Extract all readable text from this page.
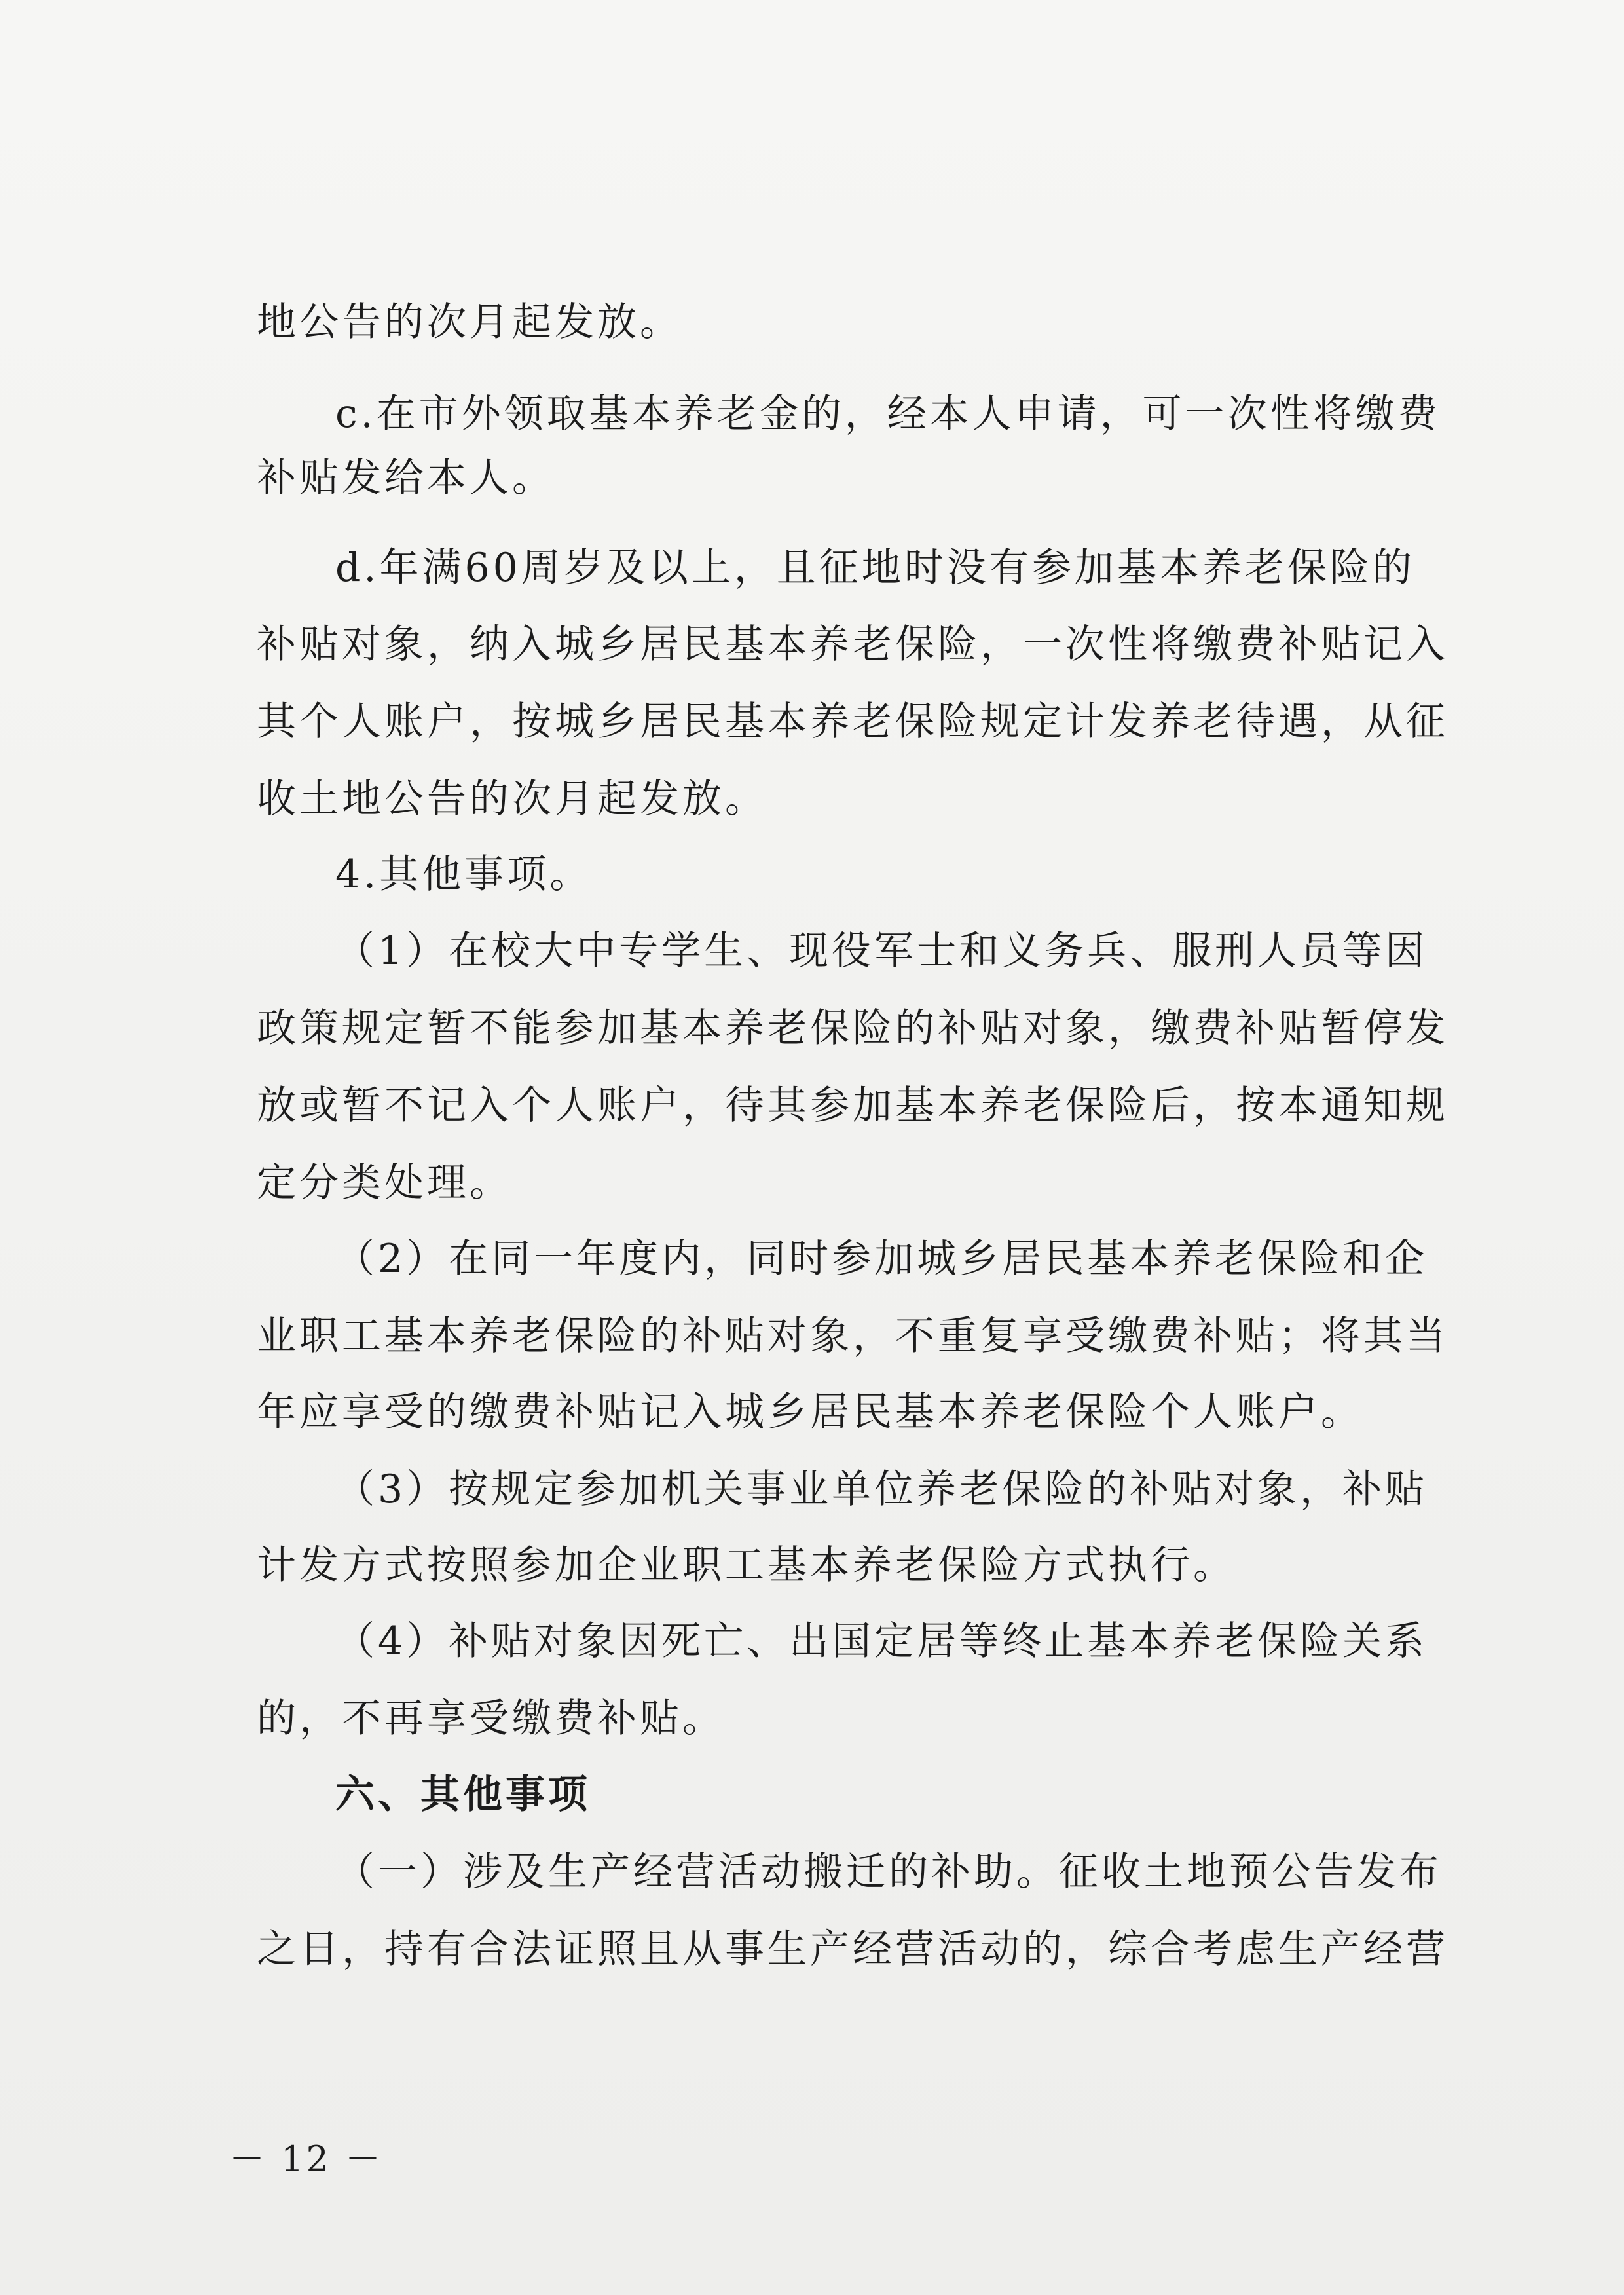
地公告的次月起发放。
c.在市外领取基本养老金的，经本人申请，可一次性将缴费
补贴发给本人。
d.年满60周岁及以上，且征地时没有参加基本养老保险的
补贴对象，纳入城乡居民基本养老保险，一次性将缴费补贴记入
其个人账户，按城乡居民基本养老保险规定计发养老待遇，从征
收土地公告的次月起发放。
4.其他事项。
（1）在校大中专学生、现役军士和义务兵、服刑人员等因
政策规定暂不能参加基本养老保险的补贴对象，缴费补贴暂停发
放或暂不记入个人账户，待其参加基本养老保险后，按本通知规
定分类处理。
（2）在同一年度内，同时参加城乡居民基本养老保险和企
业职工基本养老保险的补贴对象，不重复享受缴费补贴；将其当
年应享受的缴费补贴记入城乡居民基本养老保险个人账户。
（3）按规定参加机关事业单位养老保险的补贴对象，补贴
计发方式按照参加企业职工基本养老保险方式执行。
（4）补贴对象因死亡、出国定居等终止基本养老保险关系
的，不再享受缴费补贴。
六、其他事项
（一）涉及生产经营活动搬迁的补助。征收土地预公告发布
之日，持有合法证照且从事生产经营活动的，综合考虑生产经营
－ 12 －
